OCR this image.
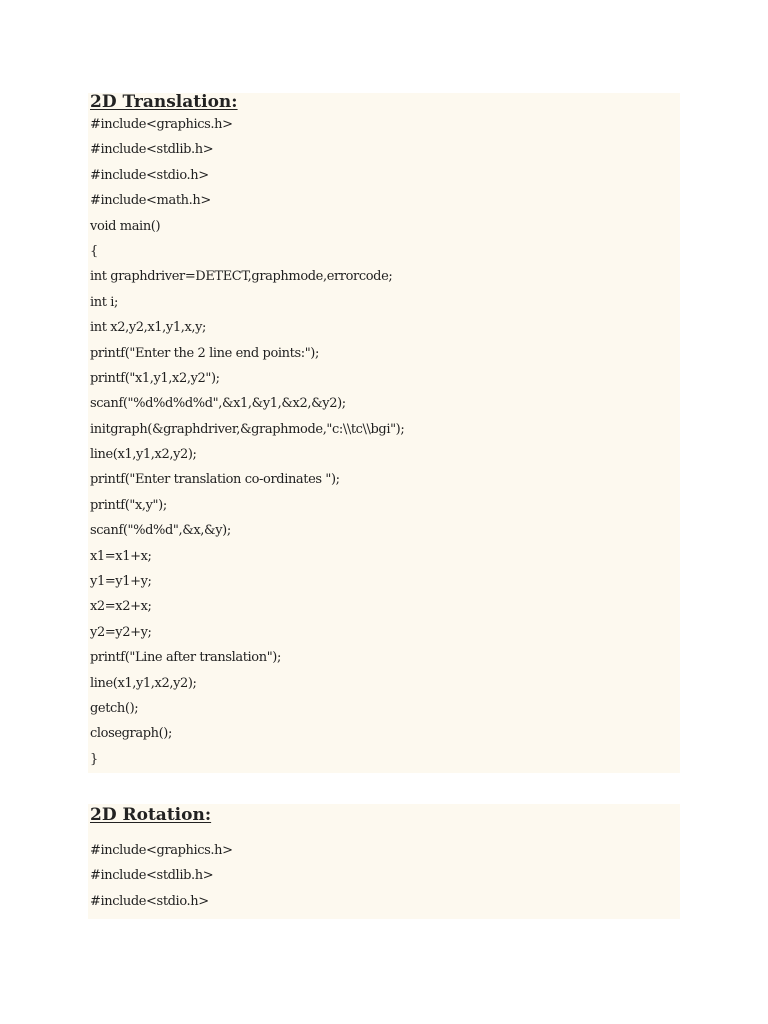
2D Translation:
#include<graphics.h>
#include<stdlib.h>
#include<stdio.h>
#include<math.h>
void main()
{
int graphdriver=DETECT,graphmode,errorcode;
int i;
int x2,y2,x1,y1,x,y;
printf("Enter the 2 line end points:");
printf("x1,y1,x2,y2");
scanf("%d%d%d%d",&x1,&y1,&x2,&y2);
initgraph(&graphdriver,&graphmode,"c:\\tc\\bgi");
line(x1,y1,x2,y2);
printf("Enter translation co-ordinates ");
printf("x,y");
scanf("%d%d",&x,&y);
x1=x1+x;
y1=y1+y;
x2=x2+x;
y2=y2+y;
printf("Line after translation");
line(x1,y1,x2,y2);
getch();
closegraph();
}
2D Rotation:
#include<graphics.h>
#include<stdlib.h>
#include<stdio.h>
